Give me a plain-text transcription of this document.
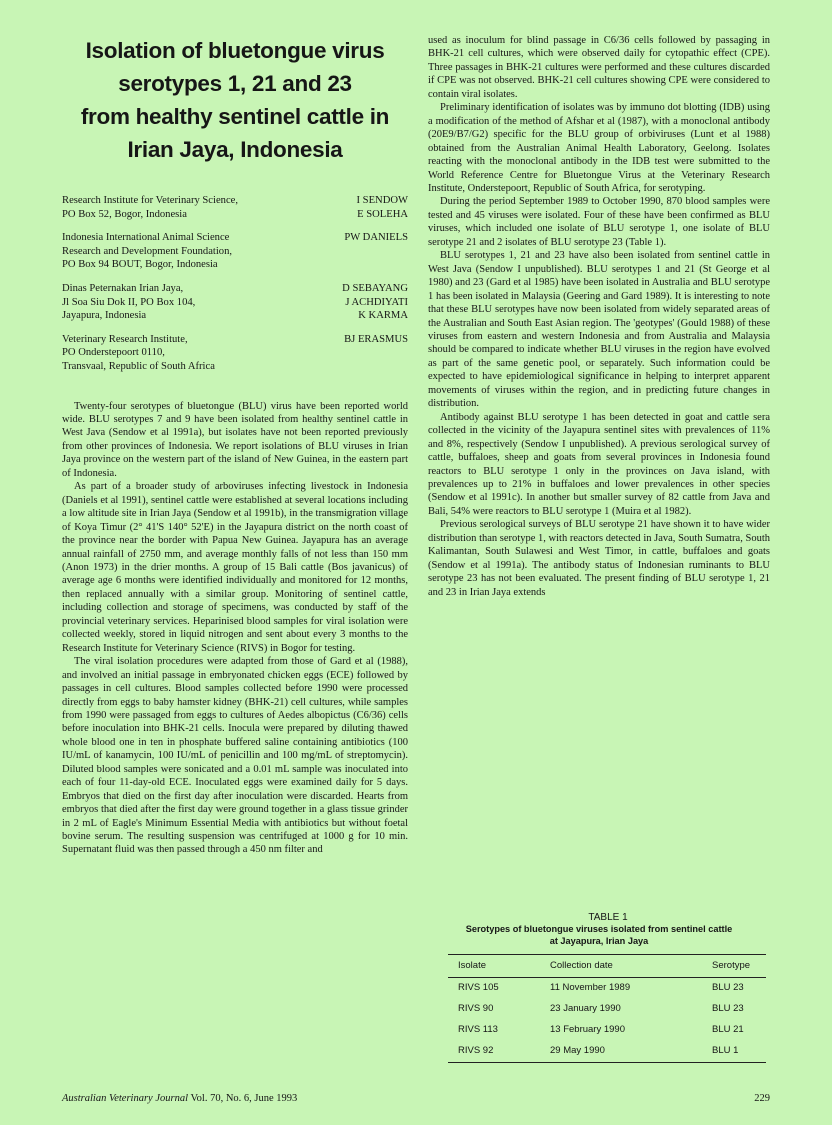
Isolation of bluetongue virus
serotypes 1, 21 and 23
from healthy sentinel cattle in
Irian Jaya, Indonesia
Research Institute for Veterinary Science,
PO Box 52, Bogor, Indonesia
I SENDOW
E SOLEHA
Indonesia International Animal Science
Research and Development Foundation,
PO Box 94 BOUT, Bogor, Indonesia
PW DANIELS
Dinas Peternakan Irian Jaya,
Jl Soa Siu Dok II, PO Box 104,
Jayapura, Indonesia
D SEBAYANG
J ACHDIYATI
K KARMA
Veterinary Research Institute,
PO Onderstepoort 0110,
Transvaal, Republic of South Africa
BJ ERASMUS

Twenty-four serotypes of bluetongue (BLU) virus have been reported world wide. BLU serotypes 7 and 9 have been isolated from healthy sentinel cattle in West Java (Sendow et al 1991a), but isolates have not been reported previously from other provinces of Indonesia. We report isolations of BLU viruses in Irian Jaya province on the western part of the island of New Guinea, in the eastern part of Indonesia.

As part of a broader study of arboviruses infecting livestock in Indonesia (Daniels et al 1991), sentinel cattle were established at several locations including a low altitude site in Irian Jaya (Sendow et al 1991b), in the transmigration village of Koya Timur (2° 41'S 140° 52'E) in the Jayapura district on the north coast of the province near the border with Papua New Guinea. Jayapura has an average annual rainfall of 2750 mm, and average monthly falls of not less than 150 mm (Anon 1973) in the drier months. A group of 15 Bali cattle (Bos javanicus) of average age 6 months were identified individually and monitored for 12 months, then replaced annually with a similar group. Monitoring of sentinel cattle, including collection and storage of specimens, was conducted by staff of the provincial veterinary services. Heparinised blood samples for viral isolation were collected weekly, stored in liquid nitrogen and sent about every 3 months to the Research Institute for Veterinary Science (RIVS) in Bogor for testing.

The viral isolation procedures were adapted from those of Gard et al (1988), and involved an initial passage in embryonated chicken eggs (ECE) followed by passages in cell cultures. Blood samples collected before 1990 were processed directly from eggs to baby hamster kidney (BHK-21) cell cultures, while samples from 1990 were passaged from eggs to cultures of Aedes albopictus (C6/36) cells before inoculation into BHK-21 cells. Inocula were prepared by diluting thawed whole blood one in ten in phosphate buffered saline containing antibiotics (100 IU/mL of kanamycin, 100 IU/mL of penicillin and 100 mg/mL of streptomycin). Diluted blood samples were sonicated and a 0.01 mL sample was inoculated into each of four 11-day-old ECE. Inoculated eggs were examined daily for 5 days. Embryos that died on the first day after inoculation were discarded. Hearts from embryos that died after the first day were ground together in a glass tissue grinder in 2 mL of Eagle's Minimum Essential Media with antibiotics but without foetal bovine serum. The resulting suspension was centrifuged at 1000 g for 10 min. Supernatant fluid was then passed through a 450 nm filter and

used as inoculum for blind passage in C6/36 cells followed by passaging in BHK-21 cell cultures, which were observed daily for cytopathic effect (CPE). Three passages in BHK-21 cultures were performed and these cultures discarded if CPE was not observed. BHK-21 cell cultures showing CPE were considered to contain viral isolates.

Preliminary identification of isolates was by immuno dot blotting (IDB) using a modification of the method of Afshar et al (1987), with a monoclonal antibody (20E9/B7/G2) specific for the BLU group of orbiviruses (Lunt et al 1988) obtained from the Australian Animal Health Laboratory, Geelong. Isolates reacting with the monoclonal antibody in the IDB test were submitted to the World Reference Centre for Bluetongue Virus at the Veterinary Research Institute, Onderstepoort, Republic of South Africa, for serotyping.

During the period September 1989 to October 1990, 870 blood samples were tested and 45 viruses were isolated. Four of these have been confirmed as BLU viruses, which included one isolate of BLU serotype 1, one isolate of BLU serotype 21 and 2 isolates of BLU serotype 23 (Table 1).

BLU serotypes 1, 21 and 23 have also been isolated from sentinel cattle in West Java (Sendow I unpublished). BLU serotypes 1 and 21 (St George et al 1980) and 23 (Gard et al 1985) have been isolated in Australia and BLU serotype 1 has been isolated in Malaysia (Geering and Gard 1989). It is interesting to note that these BLU serotypes have now been isolated from widely separated areas of the Australian and South East Asian region. The 'geotypes' (Gould 1988) of these viruses from eastern and western Indonesia and from Australia and Malaysia should be compared to indicate whether BLU viruses in the region have evolved as part of the same genetic pool, or separately. Such information could be expected to have epidemiological significance in helping to interpret apparent movements of viruses within the region, and in predicting future changes in distribution.

Antibody against BLU serotype 1 has been detected in goat and cattle sera collected in the vicinity of the Jayapura sentinel sites with prevalences of 11% and 8%, respectively (Sendow I unpublished). A previous serological survey of cattle, buffaloes, sheep and goats from several provinces in Indonesia found reactors to BLU serotype 1 only in the provinces on Java island, with prevalences up to 21% in buffaloes and lower prevalences in other species (Sendow et al 1991c). In another but smaller survey of 82 cattle from Java and Bali, 54% were reactors to BLU serotype 1 (Muira et al 1982).

Previous serological surveys of BLU serotype 21 have shown it to have wider distribution than serotype 1, with reactors detected in Java, South Sumatra, South Kalimantan, South Sulawesi and West Timor, in cattle, buffaloes and goats (Sendow et al 1991a). The antibody status of Indonesian ruminants to BLU serotype 23 has not been evaluated. The present finding of BLU serotype 1, 21 and 23 in Irian Jaya extends

TABLE 1
Serotypes of bluetongue viruses isolated from sentinel cattle
at Jayapura, Irian Jaya
Isolate	Collection date	Serotype
RIVS 105	11 November 1989	BLU 23
RIVS 90	23 January 1990	BLU 23
RIVS 113	13 February 1990	BLU 21
RIVS 92	29 May 1990	BLU 1
Australian Veterinary Journal Vol. 70, No. 6, June 1993	229
